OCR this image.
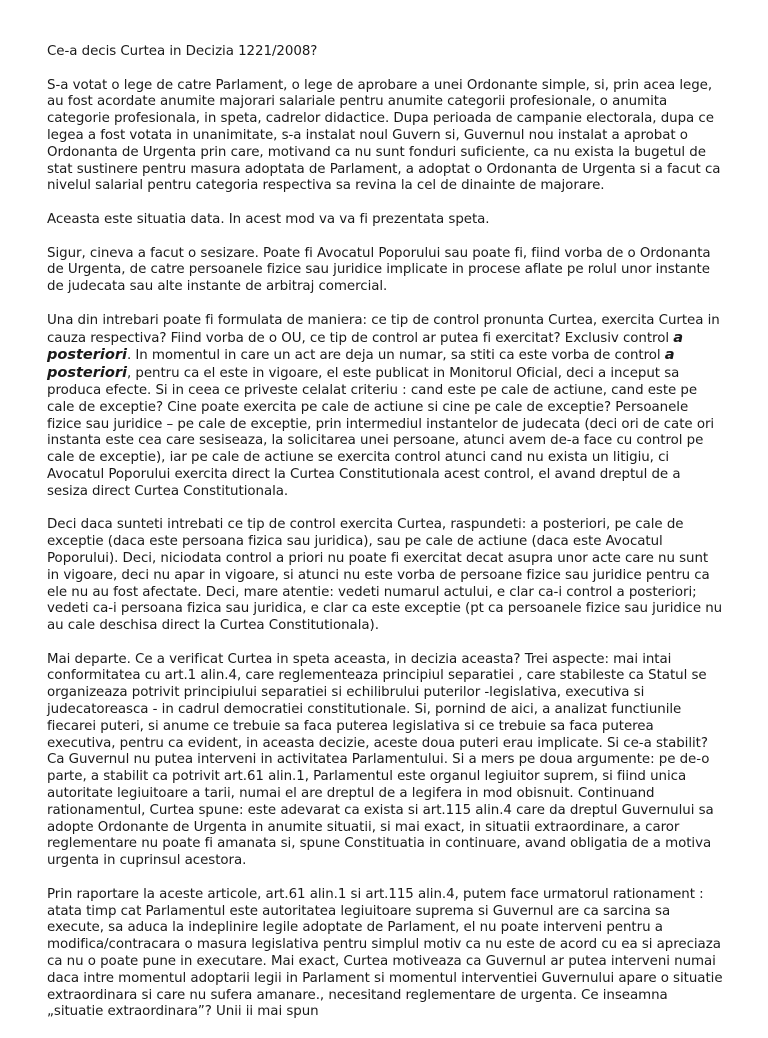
Ce-a decis Curtea in Decizia 1221/2008?

S-a votat o lege de catre Parlament, o lege de aprobare a unei Ordonante simple, si, prin acea lege, au fost acordate anumite majorari salariale pentru anumite categorii profesionale, o anumita categorie profesionala, in speta, cadrelor didactice. Dupa perioada de campanie electorala, dupa ce legea a fost votata in unanimitate, s-a instalat noul Guvern si, Guvernul nou instalat a aprobat o Ordonanta de Urgenta prin care, motivand ca nu sunt fonduri suficiente, ca nu exista la bugetul de stat sustinere pentru masura adoptata de Parlament, a adoptat o Ordonanta de Urgenta si a facut ca nivelul salarial pentru categoria respectiva sa revina la cel de dinainte de majorare.

Aceasta este situatia data. In acest mod va va fi prezentata speta.

Sigur, cineva a facut o sesizare. Poate fi Avocatul Poporului sau poate fi, fiind vorba de o Ordonanta de Urgenta, de catre persoanele fizice sau juridice implicate in procese aflate pe rolul unor instante de judecata sau alte instante de arbitraj comercial.

Una din intrebari poate fi formulata de maniera: ce tip de control pronunta Curtea, exercita Curtea in cauza respectiva? Fiind vorba de o OU, ce tip de control ar putea fi exercitat? Exclusiv control a posteriori. In momentul in care un act are deja un numar, sa stiti ca este vorba de control a posteriori, pentru ca el este in vigoare, el este publicat in Monitorul Oficial, deci a inceput sa produca efecte. Si in ceea ce priveste celalat criteriu : cand este pe cale de actiune, cand este pe cale de exceptie? Cine poate exercita pe cale de actiune si cine pe cale de exceptie? Persoanele fizice sau juridice – pe cale de exceptie, prin intermediul instantelor de judecata (deci ori de cate ori instanta este cea care sesiseaza, la solicitarea unei persoane, atunci avem de-a face cu control pe cale de exceptie), iar pe cale de actiune se exercita control atunci cand nu exista un litigiu, ci Avocatul Poporului exercita direct la Curtea Constitutionala acest control, el avand dreptul de a sesiza direct Curtea Constitutionala.

Deci daca sunteti intrebati ce tip de control exercita Curtea, raspundeti: a posteriori, pe cale de exceptie (daca este persoana fizica sau juridica), sau pe cale de actiune (daca este Avocatul Poporului). Deci, niciodata control a priori nu poate fi exercitat decat asupra unor acte care nu sunt in vigoare, deci nu apar in vigoare, si atunci nu este vorba de persoane fizice sau juridice pentru ca ele nu au fost afectate. Deci, mare atentie: vedeti numarul actului, e clar ca-i control a posteriori; vedeti ca-i persoana fizica sau juridica, e clar ca este exceptie (pt ca persoanele fizice sau juridice nu au cale deschisa direct la Curtea Constitutionala).

Mai departe. Ce a verificat Curtea in speta aceasta, in decizia aceasta? Trei aspecte: mai intai conformitatea cu art.1 alin.4, care reglementeaza principiul separatiei , care stabileste ca Statul se organizeaza potrivit principiului separatiei si echilibrului puterilor -legislativa, executiva si judecatoreasca - in cadrul democratiei constitutionale. Si, pornind de aici, a analizat functiunile fiecarei puteri, si anume ce trebuie sa faca puterea legislativa si ce trebuie sa faca puterea executiva, pentru ca evident, in aceasta decizie, aceste doua puteri erau implicate. Si ce-a stabilit? Ca Guvernul nu putea interveni in activitatea Parlamentului. Si a mers pe doua argumente: pe de-o parte, a stabilit ca potrivit art.61 alin.1, Parlamentul este organul legiuitor suprem, si fiind unica autoritate legiuitoare a tarii, numai el are dreptul de a legifera in mod obisnuit. Continuand rationamentul, Curtea spune: este adevarat ca exista si art.115 alin.4 care da dreptul Guvernului sa adopte Ordonante de Urgenta in anumite situatii, si mai exact, in situatii extraordinare, a caror reglementare nu poate fi amanata si, spune Constituatia in continuare, avand obligatia de a motiva urgenta in cuprinsul acestora.

Prin raportare la aceste articole, art.61 alin.1 si art.115 alin.4, putem face urmatorul rationament : atata timp cat Parlamentul este autoritatea legiuitoare suprema si Guvernul are ca sarcina sa execute, sa aduca la indeplinire legile adoptate de Parlament, el nu poate interveni pentru a modifica/contracara o masura legislativa pentru simplul motiv ca nu este de acord cu ea si apreciaza ca nu o poate pune in executare. Mai exact, Curtea motiveaza ca Guvernul ar putea interveni numai daca intre momentul adoptarii legii in Parlament si momentul interventiei Guvernului apare o situatie extraordinara si care nu sufera amanare., necesitand reglementare de urgenta. Ce inseamna „situatie extraordinara”? Unii ii mai spun
